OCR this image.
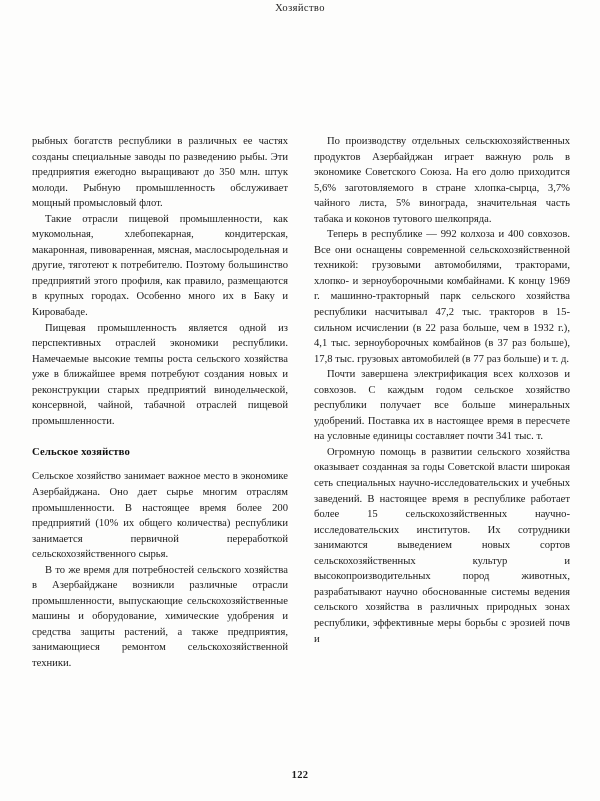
Хозяйство

рыбных богатств республики в различных ее частях созданы специальные заводы по разведению рыбы. Эти предприятия ежегодно выращивают до 350 млн. штук молоди. Рыбную промышленность обслуживает мощный промысловый флот.

Такие отрасли пищевой промышленности, как мукомольная, хлебопекарная, кондитерская, макаронная, пивоваренная, мясная, маслосыродельная и другие, тяготеют к потребителю. Поэтому большинство предприятий этого профиля, как правило, размещаются в крупных городах. Особенно много их в Баку и Кировабаде.

Пищевая промышленность является одной из перспективных отраслей экономики республики. Намечаемые высокие темпы роста сельского хозяйства уже в ближайшее время потребуют создания новых и реконструкции старых предприятий винодельческой, консервной, чайной, табачной отраслей пищевой промышленности.

Сельское хозяйство

Сельское хозяйство занимает важное место в экономике Азербайджана. Оно дает сырье многим отраслям промышленности. В настоящее время более 200 предприятий (10% их общего количества) республики занимается первичной переработкой сельскохозяйственного сырья.

В то же время для потребностей сельского хозяйства в Азербайджане возникли различные отрасли промышленности, выпускающие сельскохозяйственные машины и оборудование, химические удобрения и средства защиты растений, а также предприятия, занимающиеся ремонтом сельскохозяйственной техники.

По производству отдельных сельскюхозяйственных продуктов Азербайджан играет важную роль в экономике Советского Союза. На его долю приходится 5,6% заготовляемого в стране хлопка-сырца, 3,7% чайного листа, 5% винограда, значительная часть табака и коконов тутового шелкопряда.

Теперь в республике — 992 колхоза и 400 совхозов. Все они оснащены современной сельскохозяйственной техникой: грузовыми автомобилями, тракторами, хлопко- и зерноуборочными комбайнами. К концу 1969 г. машинно-тракторный парк сельского хозяйства республики насчитывал 47,2 тыс. тракторов в 15-сильном исчислении (в 22 раза больше, чем в 1932 г.), 4,1 тыс. зерноуборочных комбайнов (в 37 раз больше), 17,8 тыс. грузовых автомобилей (в 77 раз больше) и т. д.

Почти завершена электрификация всех колхозов и совхозов. С каждым годом сельское хозяйство республики получает все больше минеральных удобрений. Поставка их в настоящее время в пересчете на условные единицы составляет почти 341 тыс. т.

Огромную помощь в развитии сельского хозяйства оказывает созданная за годы Советской власти широкая сеть специальных научно-исследовательских и учебных заведений. В настоящее время в республике работает более 15 сельскохозяйственных научно-исследовательских институтов. Их сотрудники занимаются выведением новых сортов сельскохозяйственных культур и высокопроизводительных пород животных, разрабатывают научно обоснованные системы ведения сельского хозяйства в различных природных зонах республики, эффективные меры борьбы с эрозией почв и

122
